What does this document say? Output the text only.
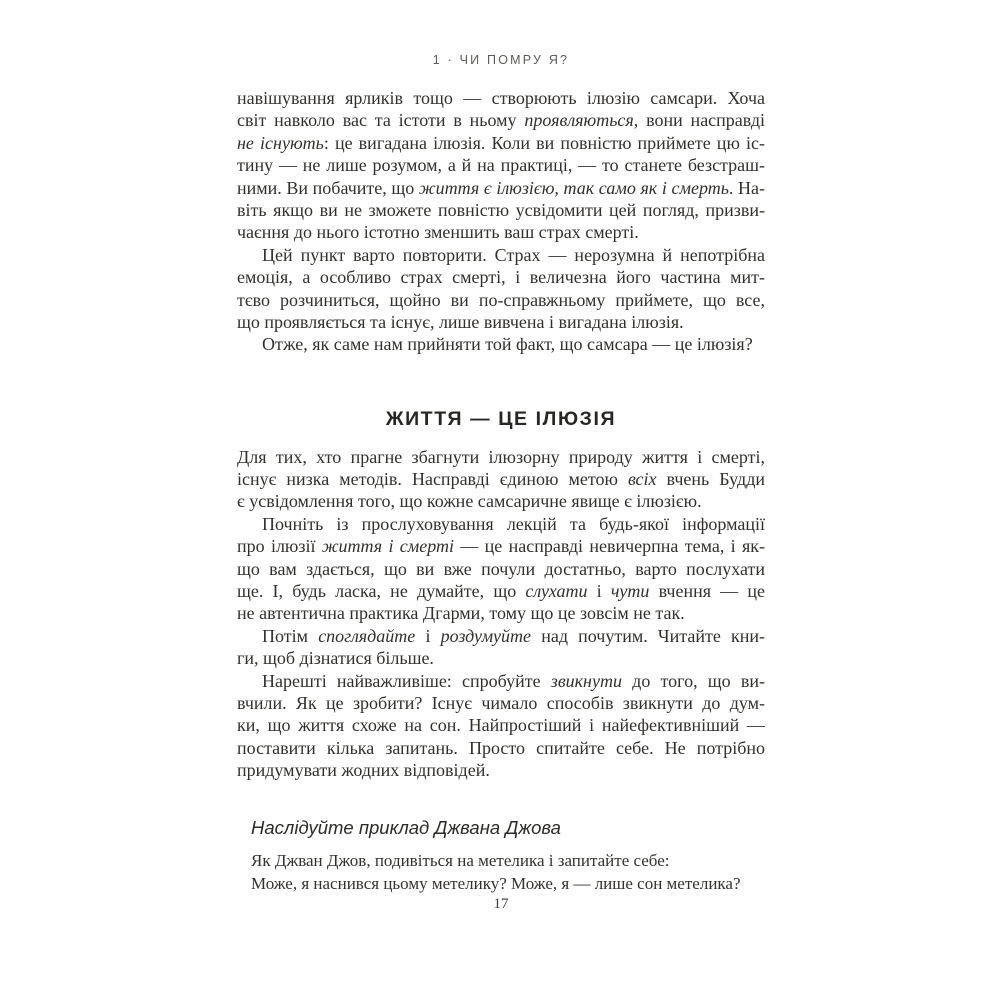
1 · ЧИ ПОМРУ Я?
навішування ярликів тощо — створюють ілюзію самсари. Хоча
світ навколо вас та істоти в ньому проявляються, вони насправді
не існують: це вигадана ілюзія. Коли ви повністю приймете цю іс-
тину — не лише розумом, а й на практиці, — то станете безстраш-
ними. Ви побачите, що життя є ілюзією, так само як і смерть. На-
віть якщо ви не зможете повністю усвідомити цей погляд, призви-
чаєння до нього істотно зменшить ваш страх смерті.
Цей пункт варто повторити. Страх — нерозумна й непотрібна
емоція, а особливо страх смерті, і величезна його частина мит-
тєво розчиниться, щойно ви по-справжньому приймете, що все,
що проявляється та існує, лише вивчена і вигадана ілюзія.
Отже, як саме нам прийняти той факт, що самсара — це ілюзія?
ЖИТТЯ — ЦЕ ІЛЮЗІЯ
Для тих, хто прагне збагнути ілюзорну природу життя і смерті,
існує низка методів. Насправді єдиною метою всіх вчень Будди
є усвідомлення того, що кожне самсаричне явище є ілюзією.
Почніть із прослуховування лекцій та будь-якої інформації
про ілюзії життя і смерті — це насправді невичерпна тема, і як-
що вам здається, що ви вже почули достатньо, варто послухати
ще. І, будь ласка, не думайте, що слухати і чути вчення — це
не автентична практика Дгарми, тому що це зовсім не так.
Потім споглядайте і роздумуйте над почутим. Читайте кни-
ги, щоб дізнатися більше.
Нарешті найважливіше: спробуйте звикнути до того, що ви-
вчили. Як це зробити? Існує чимало способів звикнути до дум-
ки, що життя схоже на сон. Найпростіший і найефективніший —
поставити кілька запитань. Просто спитайте себе. Не потрібно
придумувати жодних відповідей.
Наслідуйте приклад Джвана Джова
Як Джван Джов, подивіться на метелика і запитайте себе:
Може, я наснився цьому метелику? Може, я — лише сон метелика?
17
